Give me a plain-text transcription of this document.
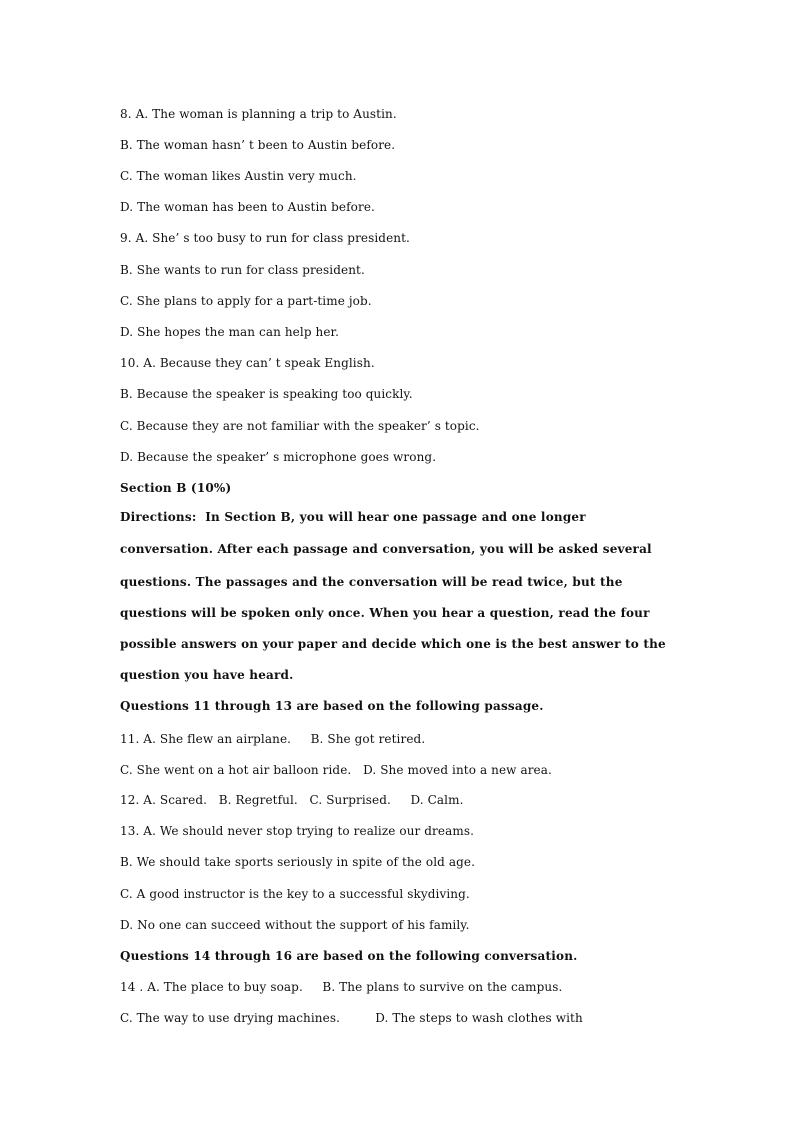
8. A. The woman is planning a trip to Austin.
B. The woman hasn’ t been to Austin before.
C. The woman likes Austin very much.
D. The woman has been to Austin before.
9. A. She’ s too busy to run for class president.
B. She wants to run for class president.
C. She plans to apply for a part-time job.
D. She hopes the man can help her.
10. A. Because they can’ t speak English.
B. Because the speaker is speaking too quickly.
C. Because they are not familiar with the speaker’ s topic.
D. Because the speaker’ s microphone goes wrong.
Section B (10%)
Directions:  In Section B, you will hear one passage and one longer
conversation. After each passage and conversation, you will be asked several
questions. The passages and the conversation will be read twice, but the
questions will be spoken only once. When you hear a question, read the four
possible answers on your paper and decide which one is the best answer to the
question you have heard.
Questions 11 through 13 are based on the following passage.
11. A. She flew an airplane.     B. She got retired.
C. She went on a hot air balloon ride.   D. She moved into a new area.
12. A. Scared.   B. Regretful.   C. Surprised.     D. Calm.
13. A. We should never stop trying to realize our dreams.
B. We should take sports seriously in spite of the old age.
C. A good instructor is the key to a successful skydiving.
D. No one can succeed without the support of his family.
Questions 14 through 16 are based on the following conversation.
14 . A. The place to buy soap.     B. The plans to survive on the campus.
C. The way to use drying machines.         D. The steps to wash clothes with
